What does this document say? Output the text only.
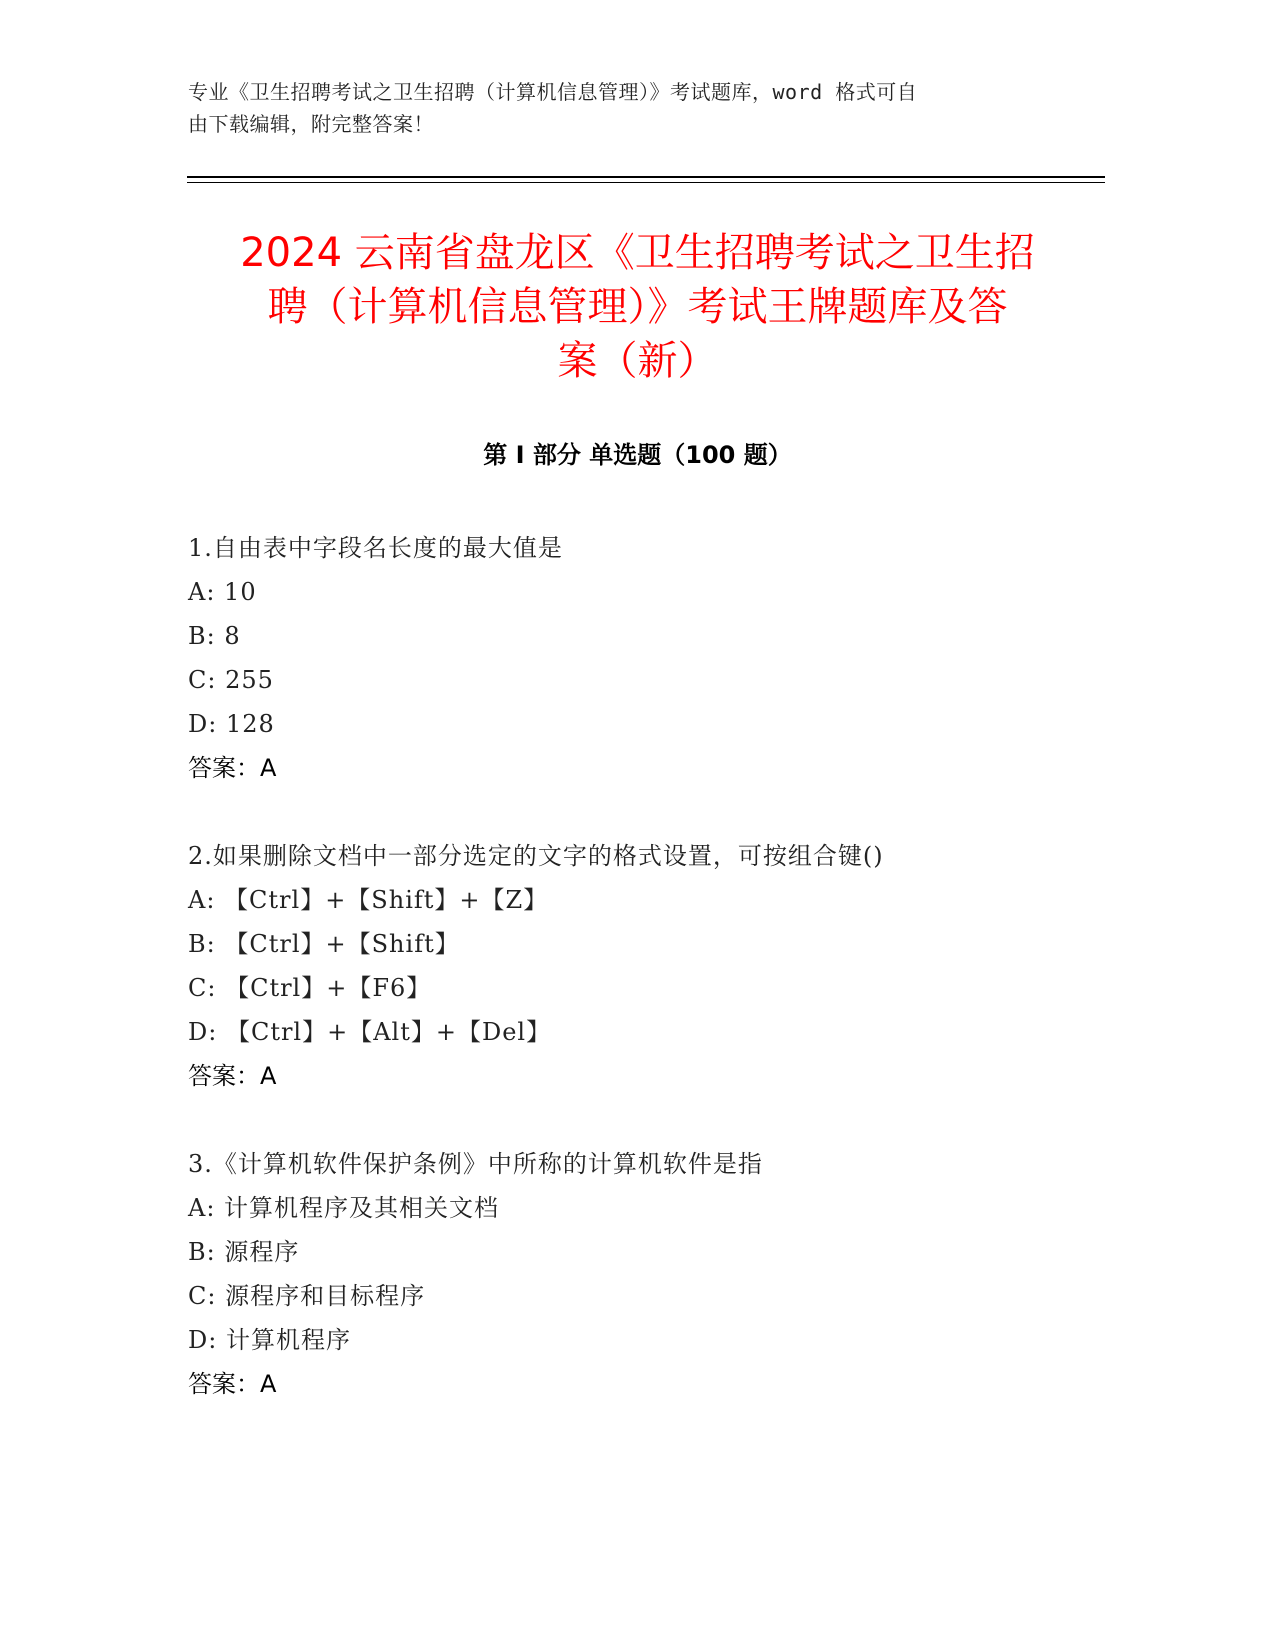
专业《卫生招聘考试之卫生招聘（计算机信息管理）》考试题库，word 格式可自
由下载编辑，附完整答案！
2024 云南省盘龙区《卫生招聘考试之卫生招
聘（计算机信息管理）》考试王牌题库及答
案（新）
第 I 部分 单选题（100 题）
1.自由表中字段名长度的最大值是
A: 10
B: 8
C: 255
D: 128
答案：A
2.如果删除文档中一部分选定的文字的格式设置，可按组合键()
A: 【Ctrl】+【Shift】+【Z】
B: 【Ctrl】+【Shift】
C: 【Ctrl】+【F6】
D: 【Ctrl】+【Alt】+【Del】
答案：A
3.《计算机软件保护条例》中所称的计算机软件是指
A: 计算机程序及其相关文档
B: 源程序
C: 源程序和目标程序
D: 计算机程序
答案：A
